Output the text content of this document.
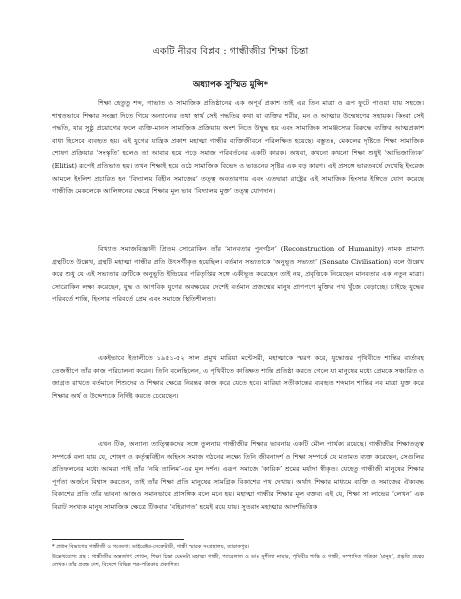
একটি নীরব বিপ্লব : গান্ধীজীর শিক্ষা চিন্তা
অধ্যাপক সুস্মিত মুন্সি*

শিক্ষা হেতুতু শব্দ, গাভাত ও সামাজিক প্রতিষ্ঠানের এক অপূর্ব প্রকাশ তাই এর তিন মাত্রা ও রূপ ফুটে পাওয়া যায় সহজে। শাশ্বতভাবে শিক্ষার সংজ্ঞা দিতে গিয়ে অন্যান্যের তথা স্বার্থ সেই পদ্ধতির কথা যা ব্যক্তির শরীর, মন ও আত্মার উন্মেষণের সহায়ক। কিংবা সেই পদ্ধতি, যার সুষ্ঠু প্রয়োগের ফলে ব্যক্তি-মানস সামাজিক প্রক্রিয়ায় অংশ নিতে উদ্বুদ্ধ হয় এবং সামাজিক সামঞ্জস্যের বিরুদ্ধে ব্যক্তির আত্মপ্রকাশ বাধা হিসেবে ব্যবহৃত হয়। এই যুগের যান্ত্রিক প্রকাশ মহাত্মা গান্ধীর ব্যক্তিজীবনে পরিলক্ষিত হয়েছে। বস্তুতঃ, মেকলের দৃষ্টিতে শিক্ষা সামাজিক শোষণ প্রক্রিয়ার ‘সংস্কৃতি’ হলেও তা আবার হয়ে পড়ে সমাজ পরিবর্তনের একটি কারক। অথবা, কখনো কখনো শিক্ষা শুধুই ‘আভিজাত্যিক’ (Elitist) রূপেই প্রতিভাত হয়। তখন শিক্ষাই হয়ে ওঠে সামাজিক বিভেদ ও ভাঙনের সৃষ্টির এক বড় কারণ। এই প্রসঙ্গে ভারতবর্ষে দেখেছি ইংরেজ আমলে ইংলিশ প্রচারিত হন ‘বিদ্যালয় বিহীন সমাজের’ তত্ত্ব অবতারণায় এবং এতদ্বারা রাষ্ট্রের এই সামাজিক হিংসার ইঙ্গিতে যোগ করেছে গান্ধীজি মেকলেকে আলিঙ্গনের ক্ষেত্রে শিক্ষার মূল ভাব ‘বিদ্যালয় মুক্ত’ তত্ত্ব যোগদান।

বিখ্যাত সমাজবিজ্ঞানী প্রিতম সোরোকিন তাঁর ‘মানবতার পুনর্গঠন’ (Reconstruction of Humanity) নামক প্রামাণ্য গ্রন্থটিতে উল্লেখ, গ্রন্থটি মহাত্মা গান্ধীর প্রতি উৎসর্গীকৃত হয়েছিল। বর্তমান সভ্যতাকে ‘অনুভূত সভ্যতা’ (Sensate Civilisation) বলে উল্লেখ করে শুধু যে এই সভ্যতার ত্রুটিকে অনুভূতি ইন্দ্রিয়ের পরিতৃপ্তির সঙ্গে একীভূত করেছেন তাই নয়, প্রবৃত্তিকে নিয়েছেন মানবতার এক নতুন মাত্রা। সোরোকিন লক্ষ্য করেছেন, যুদ্ধ ও আণবিক যুগের অবক্ষয়ের দেশেই বর্তমান প্রজন্মের মানুষ প্রাণপণে মুক্তির পথ খুঁজে বেড়াচ্ছে। চাইছে যুদ্ধের পরিবর্তে শান্তি, হিংসার পরিবর্তে প্রেম এবং সমাজে স্থিতিশীলতা।

একইভাবে ইতালীতে ১৯৫১-৫২ সাল প্রমুখ মারিয়া মন্টেসরী, মহাত্মাকে স্মরণ করে, যুদ্ধোত্তর পৃথিবীতে শান্তির বার্তাবহ তেজস্বীপে তাঁর কাজ পরিচালনা করেন। তিনি বলেছিলেন, এ পৃথিবীতে কাঙ্ক্ষিত শান্তি প্রতিষ্ঠা করতে গেলে যা মানুষের মধ্যে প্রেমকে সঞ্চারিত ও জাগ্রত রাখতে বর্তমানে শিশুদের ও শিক্ষার ক্ষেত্রে নিরন্তর কাজ করে যেতে হবে। মারিয়া সতীকান্তের ব্যবহৃত শব্দমান শান্তির নব মাত্রা যুক্ত করে শিক্ষার অর্থ ও উদ্দেশ্যকে নির্দিষ্ট করতে চেয়েছেন।

এখন টিক, অন্যান্য তাত্ত্বিকদের সঙ্গে তুলনায় গান্ধীজীর শিক্ষার ভাবনায় একটি মৌল পার্থক্য রয়েছে। গান্ধীজীর শিক্ষাতত্ত্ব সম্পর্কে বলা যায় যে, শোষণ ও কর্তৃত্ববিহীন অহিংস সমাজ গঠনের লক্ষ্যে তিনি জীবনাদর্শ ও শিক্ষা সম্পর্কে যে মতামত ব্যক্ত করেছেন, সেগুলির প্রতিফলনের মধ্যে আমরা পাই তাঁর ‘নয়ি তালিম’-এর মূল দর্শন। এরূপ সমাজে ‘কায়িক’ শ্রমের মর্যাদা স্বীকৃত। যেহেতু গান্ধীজী মানুষের শিক্ষার পূর্ণতা অর্জনে বিশ্বাস করতেন, তাই তাঁর শিক্ষা প্রতি মানুষের সামগ্রিক বিকাশের পথ দেখায়। অর্থাৎ শিক্ষার মাধ্যমে ব্যক্তি ও সমাজের ঐক্যবদ্ধ বিকাশের প্রতি তাঁর ভাবনা আজও সমানভাবে প্রাসঙ্গিক বলে মনে হয়। মহাত্মা গান্ধীর শিক্ষার মূল বক্তব্য এই যে, শিক্ষা সা লাভের ‘লেখন’ এক বিরাট সংখ্যক মানুষ সামাজিক ক্ষেত্রে টিকবার ‘বহিরাগত’ হয়েই রয়ে যায়। সুতরাং মহাত্মার আদর্শভিত্তিক

* প্রধান বিভাগের গান্ধীজী ও গবেষণা: ডাইরেক্টর-সেক্রেটারী, গান্ধী স্মারক সংগ্রহালয়, ব্যারাকপুর।

উল্লেখযোগ্য গ্রন্থ : গান্ধীজীর অন্তর্জগৎ শোধন, শিক্ষা চিন্তা যেমনটা মহাত্মা গান্ধী, প্যারেলাল ও ডাঃ সুশীলা নায়ার, পৃথিবীর শান্তি ও গান্ধী, সম্পাদিত পত্রিকা ‘মানুষ’, প্রভৃতি গ্রন্থের লেখক। তাঁর প্রবন্ধ দেশ, বিদেশে বিভিন্ন পত্র-পত্রিকায় প্রকাশিত।
